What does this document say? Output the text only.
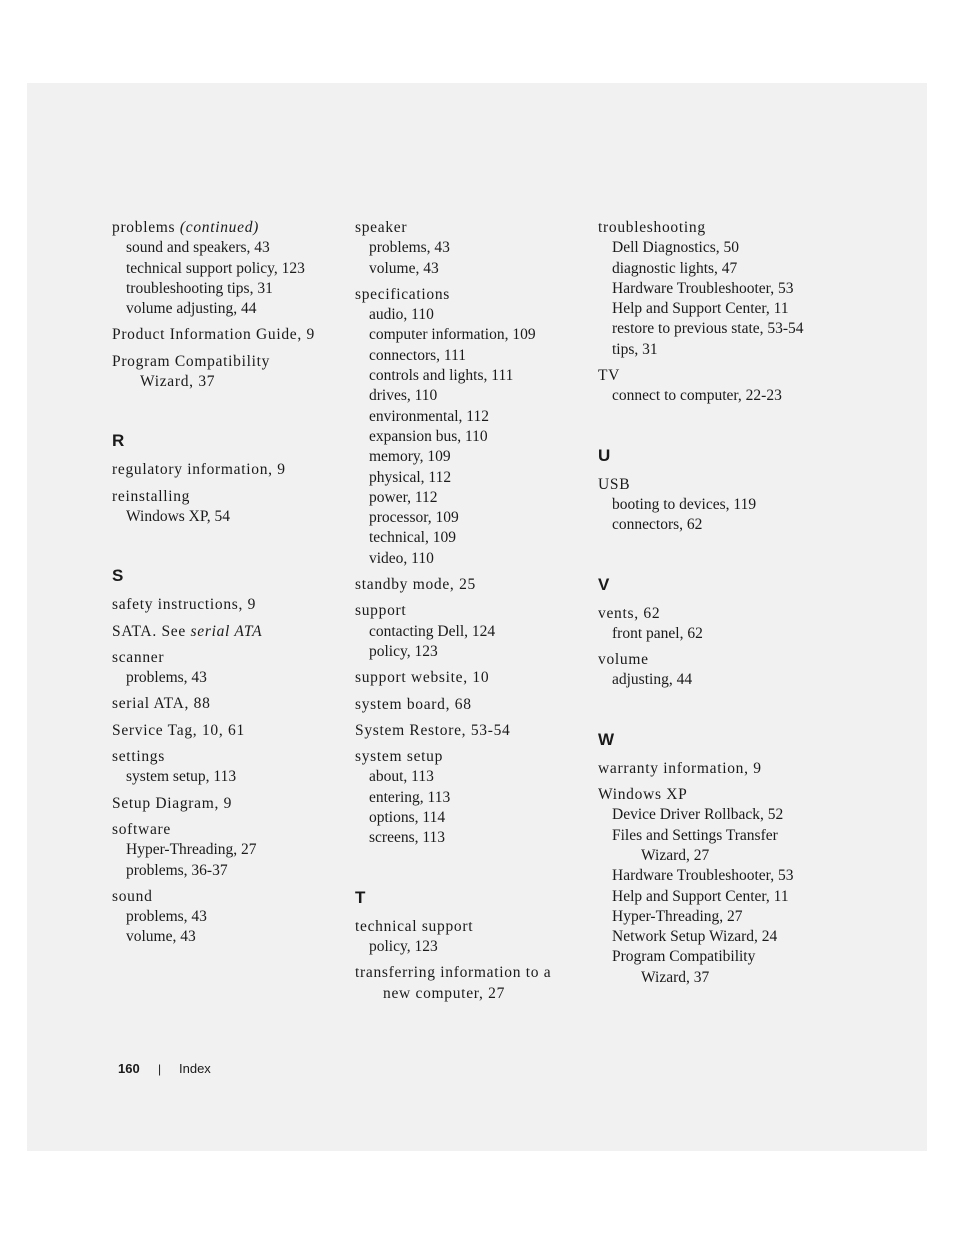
problems (continued)
sound and speakers, 43
technical support policy, 123
troubleshooting tips, 31
volume adjusting, 44
Product Information Guide, 9
Program Compatibility
Wizard, 37
R
regulatory information, 9
reinstalling
Windows XP, 54
S
safety instructions, 9
SATA. See serial ATA
scanner
problems, 43
serial ATA, 88
Service Tag, 10, 61
settings
system setup, 113
Setup Diagram, 9
software
Hyper-Threading, 27
problems, 36-37
sound
problems, 43
volume, 43
speaker
problems, 43
volume, 43
specifications
audio, 110
computer information, 109
connectors, 111
controls and lights, 111
drives, 110
environmental, 112
expansion bus, 110
memory, 109
physical, 112
power, 112
processor, 109
technical, 109
video, 110
standby mode, 25
support
contacting Dell, 124
policy, 123
support website, 10
system board, 68
System Restore, 53-54
system setup
about, 113
entering, 113
options, 114
screens, 113
T
technical support
policy, 123
transferring information to a
new computer, 27
troubleshooting
Dell Diagnostics, 50
diagnostic lights, 47
Hardware Troubleshooter, 53
Help and Support Center, 11
restore to previous state, 53-54
tips, 31
TV
connect to computer, 22-23
U
USB
booting to devices, 119
connectors, 62
V
vents, 62
front panel, 62
volume
adjusting, 44
W
warranty information, 9
Windows XP
Device Driver Rollback, 52
Files and Settings Transfer
Wizard, 27
Hardware Troubleshooter, 53
Help and Support Center, 11
Hyper-Threading, 27
Network Setup Wizard, 24
Program Compatibility
Wizard, 37
160 | Index
